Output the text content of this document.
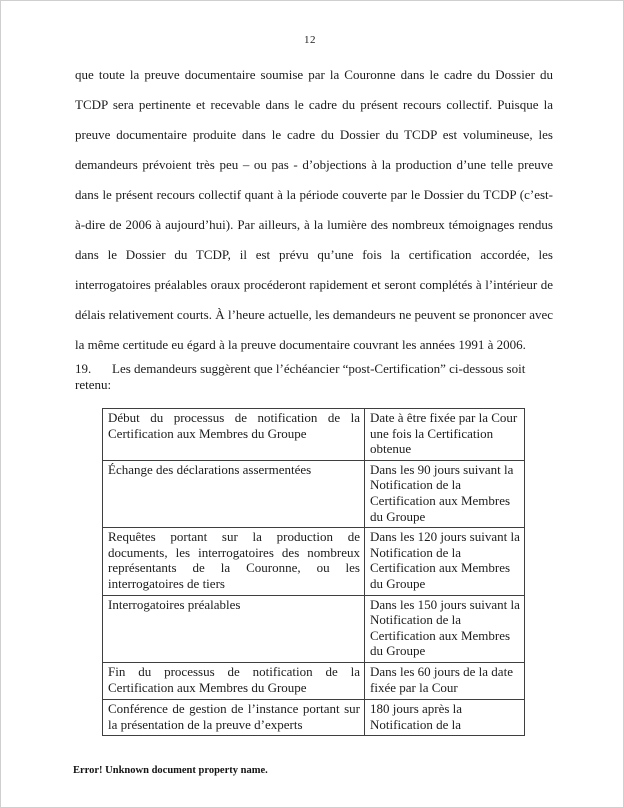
12
que toute la preuve documentaire soumise par la Couronne dans le cadre du Dossier du TCDP sera pertinente et recevable dans le cadre du présent recours collectif. Puisque la preuve documentaire produite dans le cadre du Dossier du TCDP est volumineuse, les demandeurs prévoient très peu – ou pas - d’objections à la production d’une telle preuve dans le présent recours collectif quant à la période couverte par le Dossier du TCDP (c’est-à-dire de 2006 à aujourd’hui). Par ailleurs, à la lumière des nombreux témoignages rendus dans le Dossier du TCDP, il est prévu qu’une fois la certification accordée, les interrogatoires préalables oraux procéderont rapidement et seront complétés à l’intérieur de délais relativement courts. À l’heure actuelle, les demandeurs ne peuvent se prononcer avec la même certitude eu égard à la preuve documentaire couvrant les années 1991 à 2006.
19. Les demandeurs suggèrent que l’échéancier “post-Certification” ci-dessous soit retenu:
Début du processus de notification de la Certification aux Membres du Groupe	Date à être fixée par la Cour une fois la Certification obtenue
Échange des déclarations assermentées	Dans les 90 jours suivant la Notification de la Certification aux Membres du Groupe
Requêtes portant sur la production de documents, les interrogatoires des nombreux représentants de la Couronne, ou les interrogatoires de tiers	Dans les 120 jours suivant la Notification de la Certification aux Membres du Groupe
Interrogatoires préalables	Dans les 150 jours suivant la Notification de la Certification aux Membres du Groupe
Fin du processus de notification de la Certification aux Membres du Groupe	Dans les 60 jours de la date fixée par la Cour
Conférence de gestion de l’instance portant sur la présentation de la preuve d’experts	180 jours après la Notification de la
Error! Unknown document property name.
